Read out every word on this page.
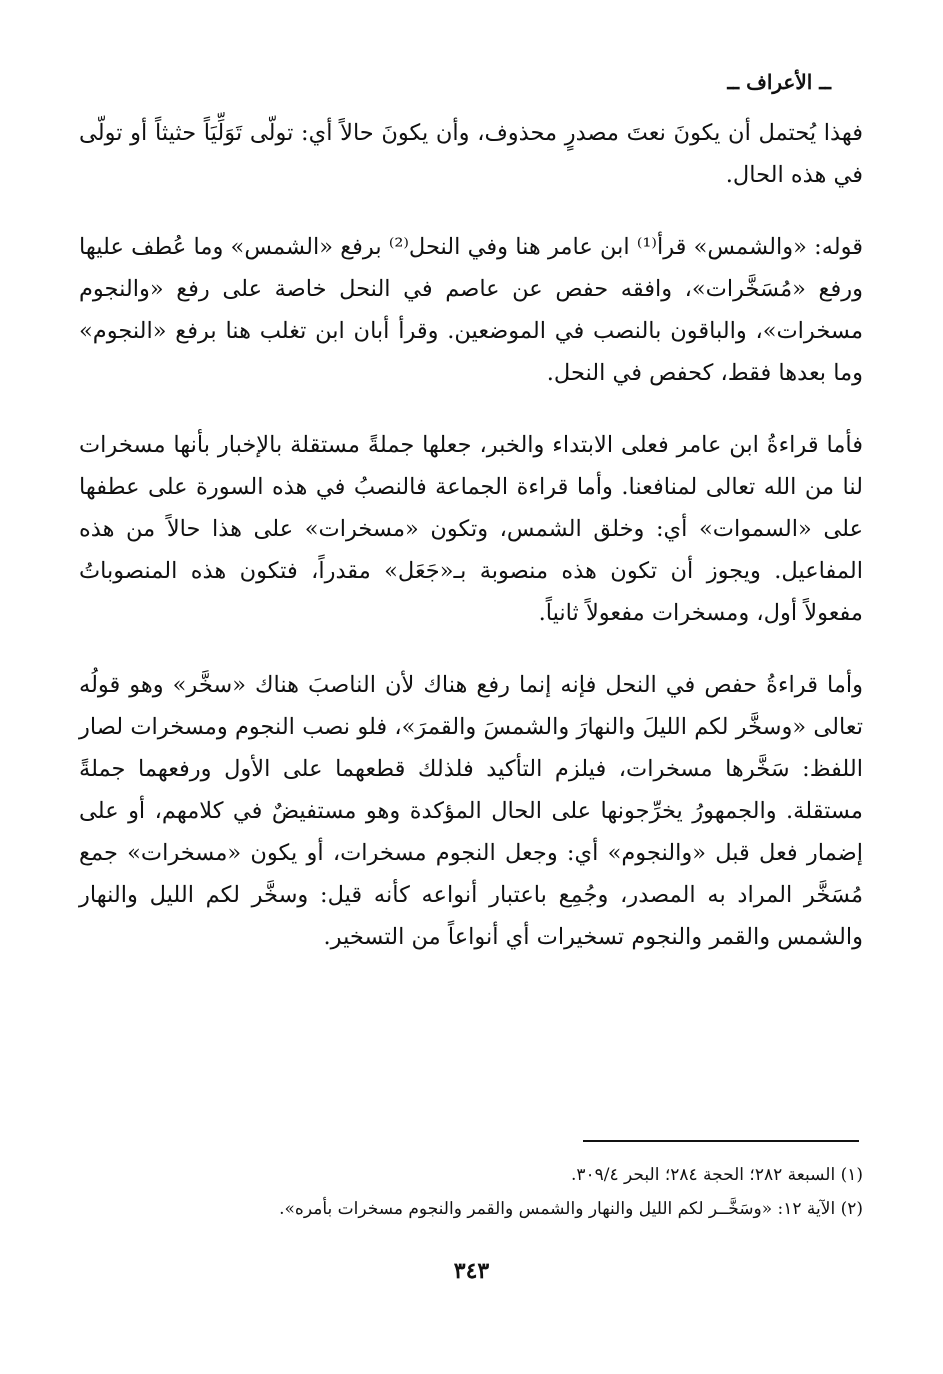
ــ الأعراف ــ

فهذا يُحتمل أن يكونَ نعتَ مصدرٍ محذوف، وأن يكونَ حالاً أي: تولّى تَوَلِّيَاً حثيثاً أو تولّى في هذه الحال.

قوله: «والشمس» قرأ⁽¹⁾ ابن عامر هنا وفي النحل⁽²⁾ برفع «الشمس» وما عُطف عليها ورفع «مُسَخَّرات»، وافقه حفص عن عاصم في النحل خاصة على رفع «والنجوم مسخرات»، والباقون بالنصب في الموضعين. وقرأ أبان ابن تغلب هنا برفع «النجوم» وما بعدها فقط، كحفص في النحل.

فأما قراءةُ ابن عامر فعلى الابتداء والخبر، جعلها جملةً مستقلة بالإخبار بأنها مسخرات لنا من الله تعالى لمنافعنا. وأما قراءة الجماعة فالنصبُ في هذه السورة على عطفها على «السموات» أي: وخلق الشمس، وتكون «مسخرات» على هذا حالاً من هذه المفاعيل. ويجوز أن تكون هذه منصوبة بـ«جَعَل» مقدراً، فتكون هذه المنصوباتُ مفعولاً أول، ومسخرات مفعولاً ثانياً.

وأما قراءةُ حفص في النحل فإنه إنما رفع هناك لأن الناصبَ هناك «سخَّر» وهو قولُه تعالى «وسخَّر لكم الليلَ والنهارَ والشمسَ والقمرَ»، فلو نصب النجوم ومسخرات لصار اللفظ: سَخَّرها مسخرات، فيلزم التأكيد فلذلك قطعهما على الأول ورفعهما جملةً مستقلة. والجمهورُ يخرِّجونها على الحال المؤكدة وهو مستفيضٌ في كلامهم، أو على إضمار فعل قبل «والنجوم» أي: وجعل النجوم مسخرات، أو يكون «مسخرات» جمع مُسَخَّر المراد به المصدر، وجُمِع باعتبار أنواعه كأنه قيل: وسخَّر لكم الليل والنهار والشمس والقمر والنجوم تسخيرات أي أنواعاً من التسخير.

(١) السبعة ٢٨٢؛ الحجة ٢٨٤؛ البحر ٣٠٩/٤.
(٢) الآية ١٢: «وسَخَّــر لكم الليل والنهار والشمس والقمر والنجوم مسخرات بأمره».
٣٤٣
